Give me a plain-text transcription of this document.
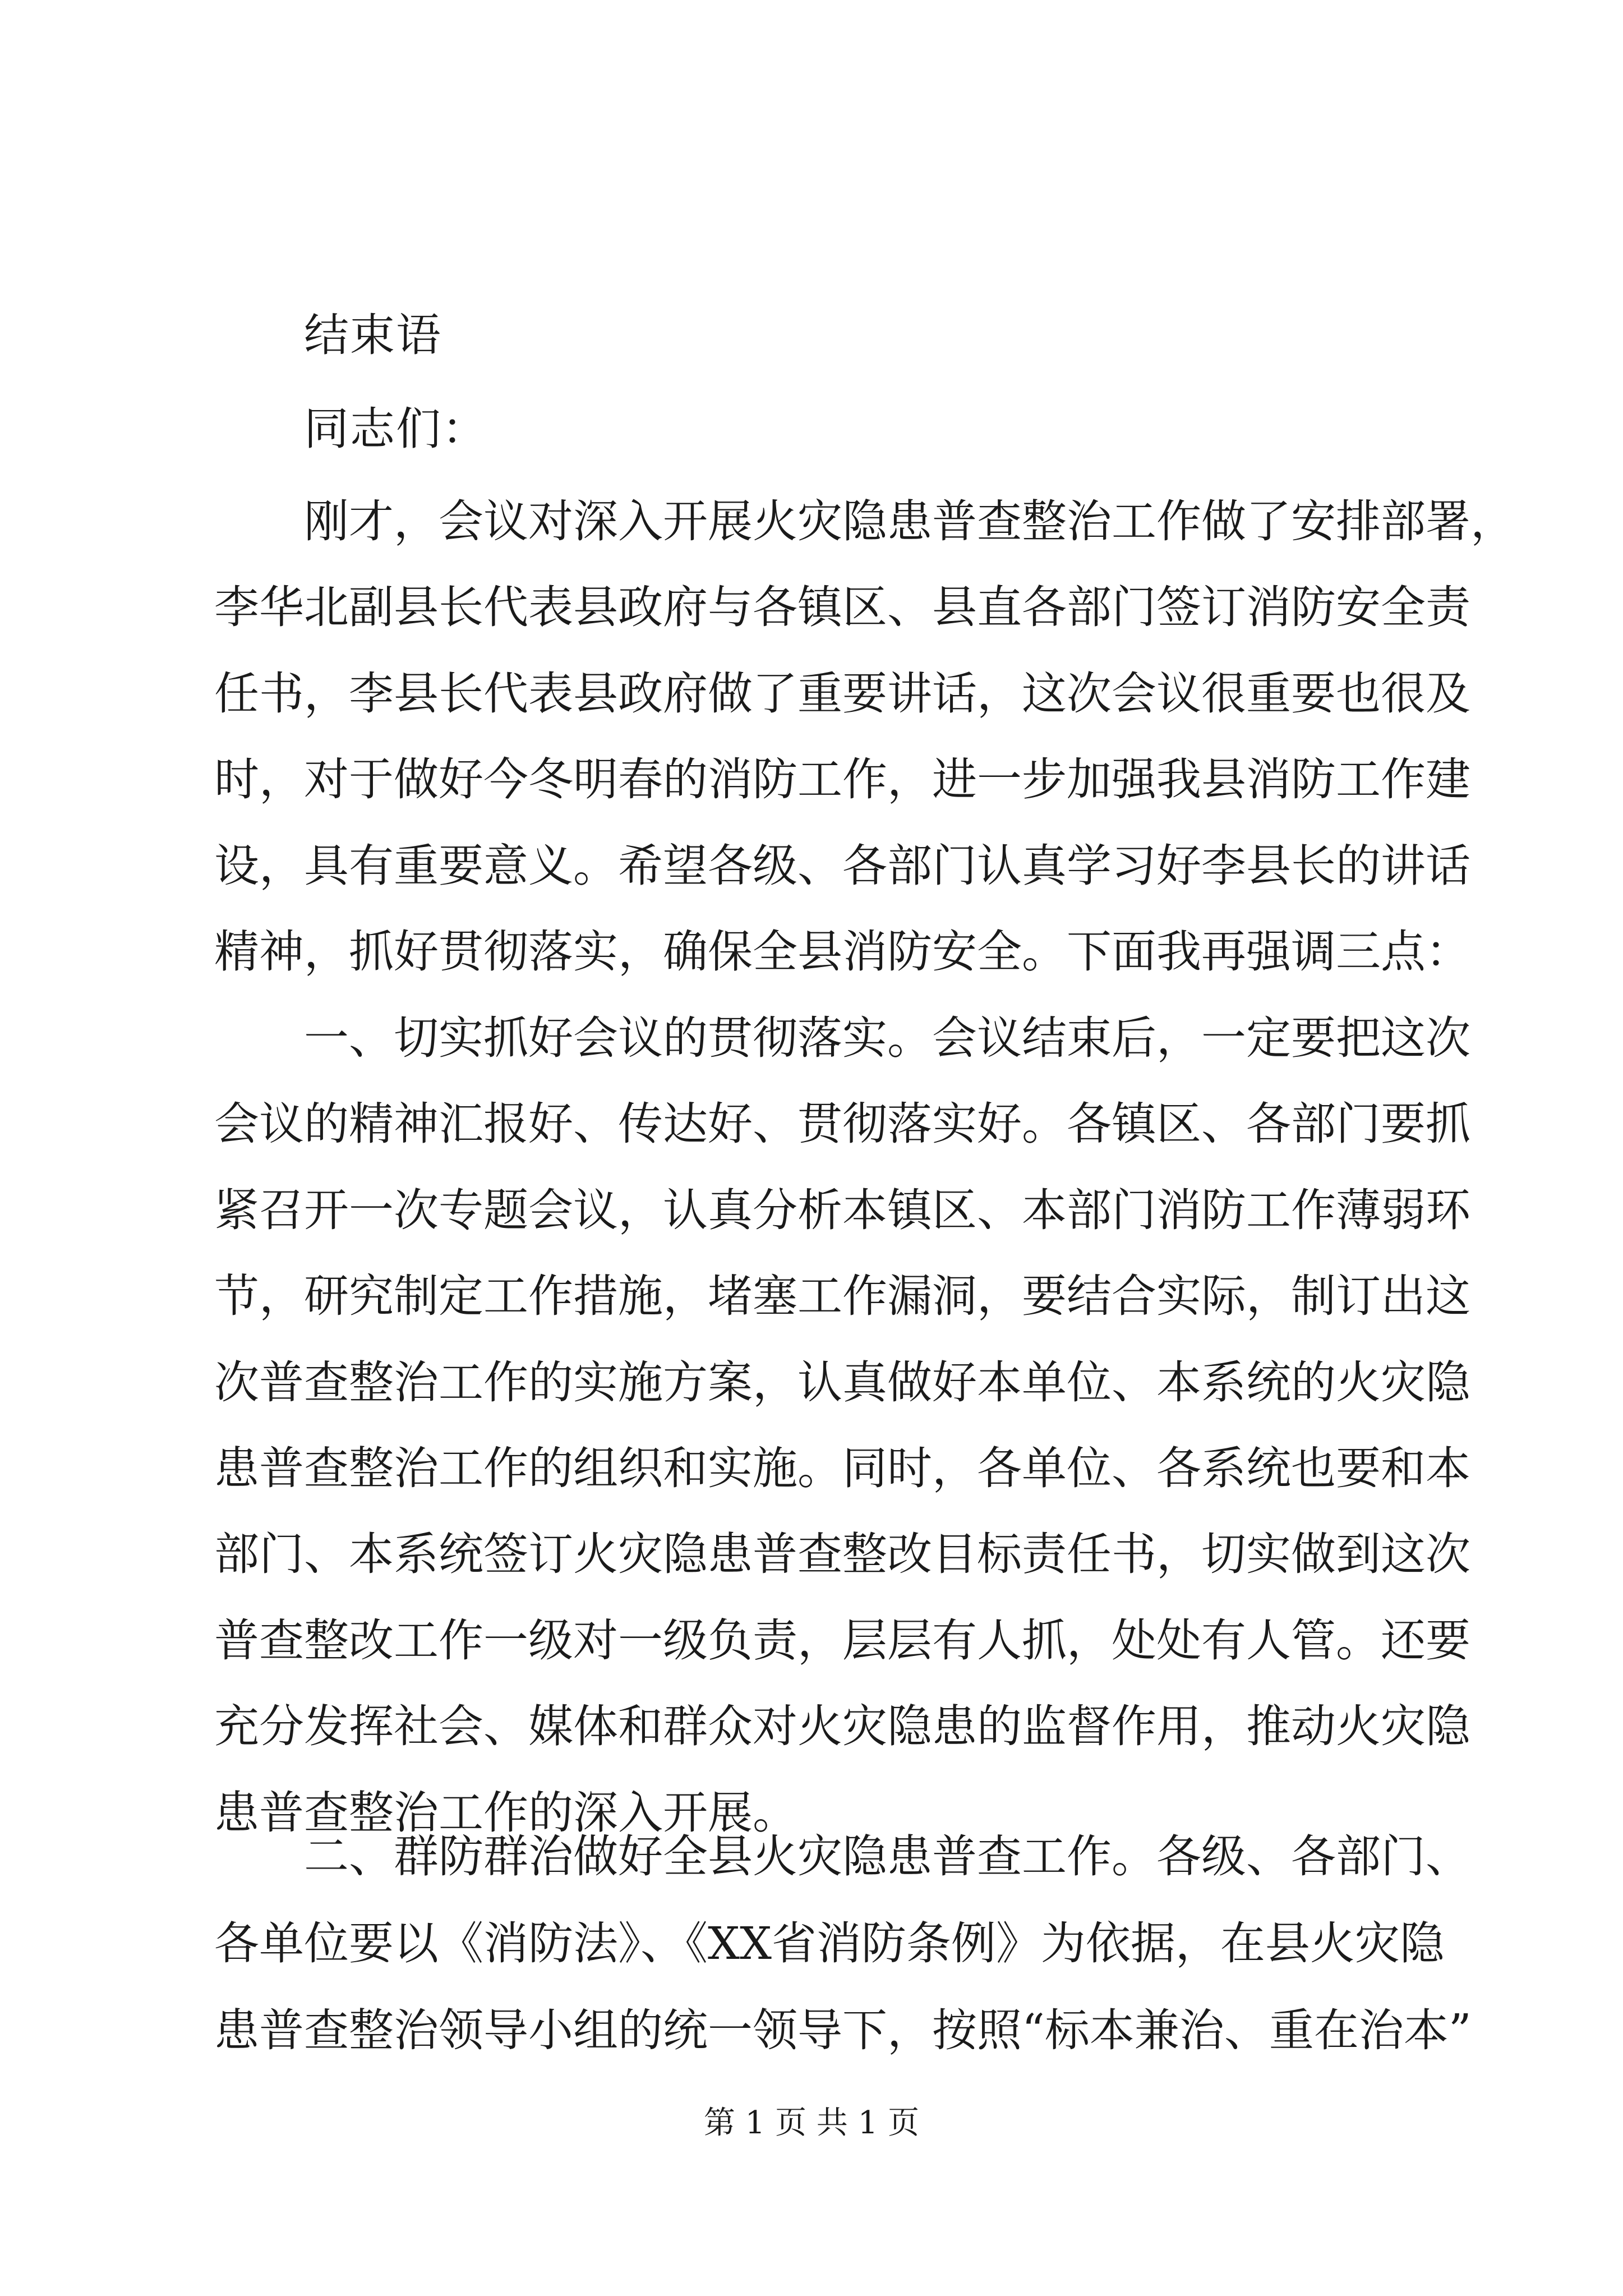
结束语
同志们：
刚才，会议对深入开展火灾隐患普查整治工作做了安排部署，
李华北副县长代表县政府与各镇区、县直各部门签订消防安全责
任书，李县长代表县政府做了重要讲话，这次会议很重要也很及
时，对于做好今冬明春的消防工作，进一步加强我县消防工作建
设，具有重要意义。希望各级、各部门认真学习好李县长的讲话
精神，抓好贯彻落实，确保全县消防安全。下面我再强调三点：
一、切实抓好会议的贯彻落实。会议结束后，一定要把这次
会议的精神汇报好、传达好、贯彻落实好。各镇区、各部门要抓
紧召开一次专题会议，认真分析本镇区、本部门消防工作薄弱环
节，研究制定工作措施，堵塞工作漏洞，要结合实际，制订出这
次普查整治工作的实施方案，认真做好本单位、本系统的火灾隐
患普查整治工作的组织和实施。同时，各单位、各系统也要和本
部门、本系统签订火灾隐患普查整改目标责任书，切实做到这次
普查整改工作一级对一级负责，层层有人抓，处处有人管。还要
充分发挥社会、媒体和群众对火灾隐患的监督作用，推动火灾隐
患普查整治工作的深入开展。
二、群防群治做好全县火灾隐患普查工作。各级、各部门、
第 1 页 共 1 页
各单位要以《消防法》、《XX省消防条例》为依据，在县火灾隐
患普查整治领导小组的统一领导下，按照“标本兼治、重在治本”
